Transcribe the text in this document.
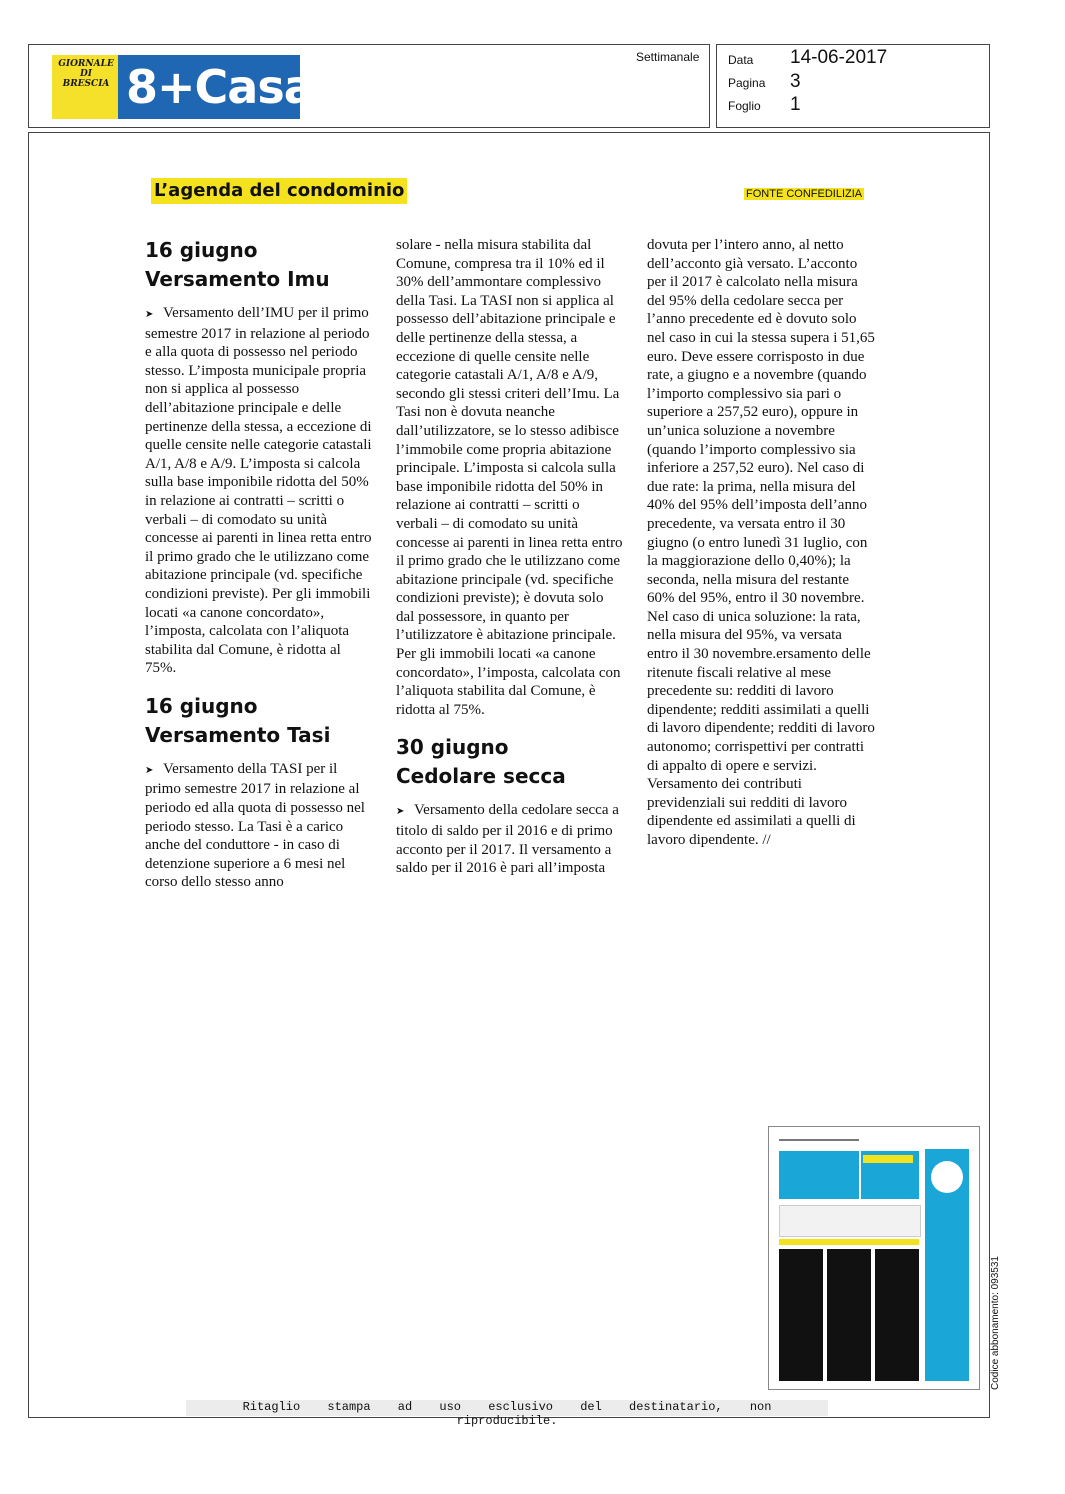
GIORNALE
DI BRESCIA 8+Casa
Settimanale Data 14-06-2017
Pagina 3
Foglio 1
L’agenda del condominio	FONTE CONFEDILIZIA
16 giugno
Versamento Imu

➤ Versamento dell’IMU per il primo semestre 2017 in relazione al periodo e alla quota di possesso nel periodo stesso. L’imposta municipale propria non si applica al possesso dell’abitazione principale e delle pertinenze della stessa, a eccezione di quelle censite nelle categorie catastali A/1, A/8 e A/9. L’imposta si calcola sulla base imponibile ridotta del 50% in relazione ai contratti – scritti o verbali – di comodato su unità concesse ai parenti in linea retta entro il primo grado che le utilizzano come abitazione principale (vd. specifiche condizioni previste). Per gli immobili locati «a canone concordato», l’imposta, calcolata con l’aliquota stabilita dal Comune, è ridotta al 75%.

16 giugno
Versamento Tasi

➤ Versamento della TASI per il primo semestre 2017 in relazione al periodo ed alla quota di possesso nel periodo stesso. La Tasi è a carico anche del conduttore - in caso di detenzione superiore a 6 mesi nel corso dello stesso anno

solare - nella misura stabilita dal Comune, compresa tra il 10% ed il 30% dell’ammontare complessivo della Tasi. La TASI non si applica al possesso dell’abitazione principale e delle pertinenze della stessa, a eccezione di quelle censite nelle categorie catastali A/1, A/8 e A/9, secondo gli stessi criteri dell’Imu. La Tasi non è dovuta neanche dall’utilizzatore, se lo stesso adibisce l’immobile come propria abitazione principale. L’imposta si calcola sulla base imponibile ridotta del 50% in relazione ai contratti – scritti o verbali – di comodato su unità concesse ai parenti in linea retta entro il primo grado che le utilizzano come abitazione principale (vd. specifiche condizioni previste); è dovuta solo dal possessore, in quanto per l’utilizzatore è abitazione principale. Per gli immobili locati «a canone concordato», l’imposta, calcolata con l’aliquota stabilita dal Comune, è ridotta al 75%.

30 giugno
Cedolare secca

➤ Versamento della cedolare secca a titolo di saldo per il 2016 e di primo acconto per il 2017. Il versamento a saldo per il 2016 è pari all’imposta

dovuta per l’intero anno, al netto dell’acconto già versato. L’acconto per il 2017 è calcolato nella misura del 95% della cedolare secca per l’anno precedente ed è dovuto solo nel caso in cui la stessa supera i 51,65 euro. Deve essere corrisposto in due rate, a giugno e a novembre (quando l’importo complessivo sia pari o superiore a 257,52 euro), oppure in un’unica soluzione a novembre (quando l’importo complessivo sia inferiore a 257,52 euro). Nel caso di due rate: la prima, nella misura del 40% del 95% dell’imposta dell’anno precedente, va versata entro il 30 giugno (o entro lunedì 31 luglio, con la maggiorazione dello 0,40%); la seconda, nella misura del restante 60% del 95%, entro il 30 novembre. Nel caso di unica soluzione: la rata, nella misura del 95%, va versata entro il 30 novembre.ersamento delle ritenute fiscali relative al mese precedente su: redditi di lavoro dipendente; redditi assimilati a quelli di lavoro dipendente; redditi di lavoro autonomo; corrispettivi per contratti di appalto di opere e servizi. Versamento dei contributi previdenziali sui redditi di lavoro dipendente ed assimilati a quelli di lavoro dipendente. //

Ritaglio stampa ad uso esclusivo del destinatario, non riproducibile.
Codice abbonamento: 093531
